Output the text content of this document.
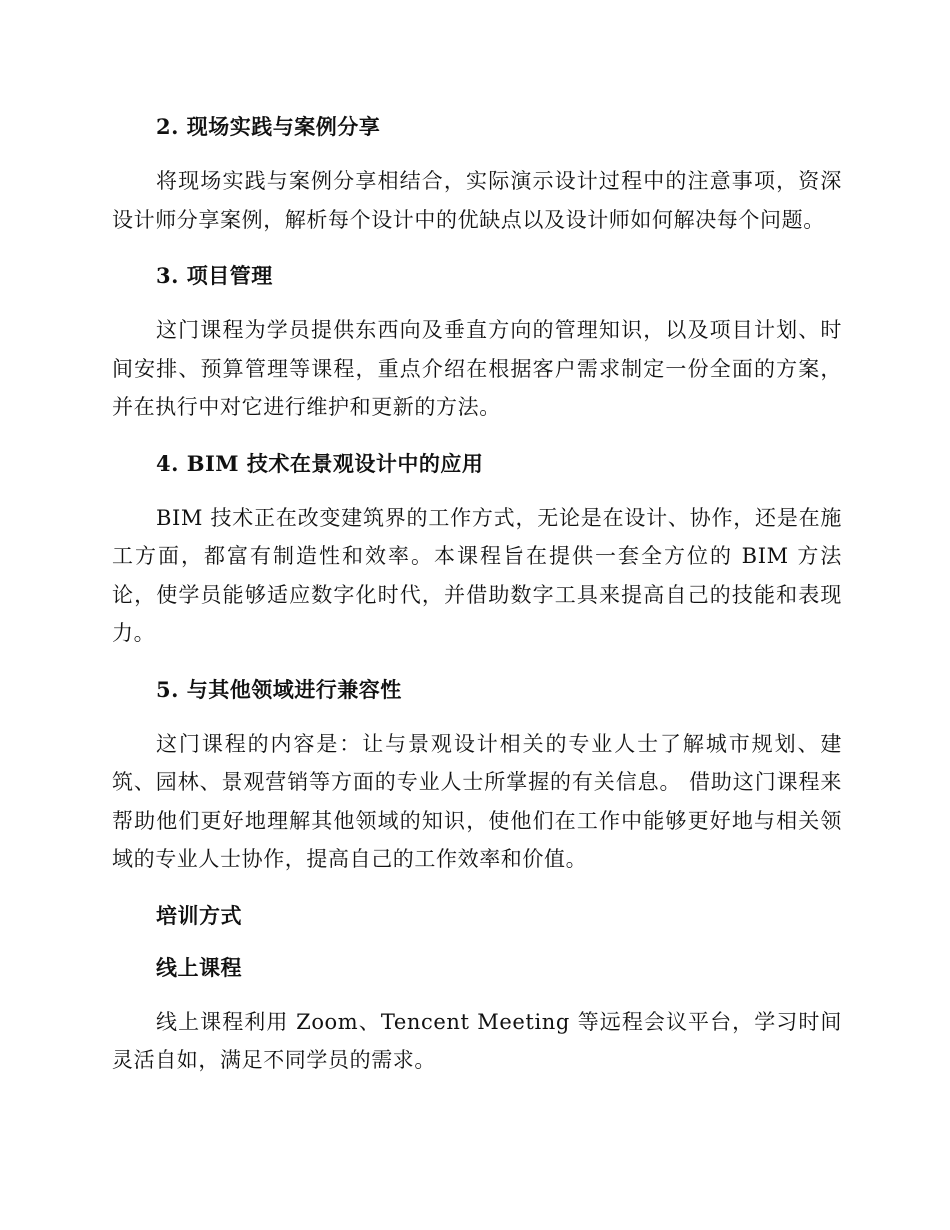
2. 现场实践与案例分享

将现场实践与案例分享相结合，实际演示设计过程中的注意事项，资深设计师分享案例，解析每个设计中的优缺点以及设计师如何解决每个问题。

3. 项目管理

这门课程为学员提供东西向及垂直方向的管理知识，以及项目计划、时间安排、预算管理等课程，重点介绍在根据客户需求制定一份全面的方案，并在执行中对它进行维护和更新的方法。

4. BIM 技术在景观设计中的应用

BIM 技术正在改变建筑界的工作方式，无论是在设计、协作，还是在施工方面，都富有制造性和效率。本课程旨在提供一套全方位的 BIM 方法论，使学员能够适应数字化时代，并借助数字工具来提高自己的技能和表现力。

5. 与其他领域进行兼容性

这门课程的内容是：让与景观设计相关的专业人士了解城市规划、建筑、园林、景观营销等方面的专业人士所掌握的有关信息。 借助这门课程来帮助他们更好地理解其他领域的知识，使他们在工作中能够更好地与相关领域的专业人士协作，提高自己的工作效率和价值。

培训方式
线上课程

线上课程利用 Zoom、Tencent Meeting 等远程会议平台，学习时间灵活自如，满足不同学员的需求。
